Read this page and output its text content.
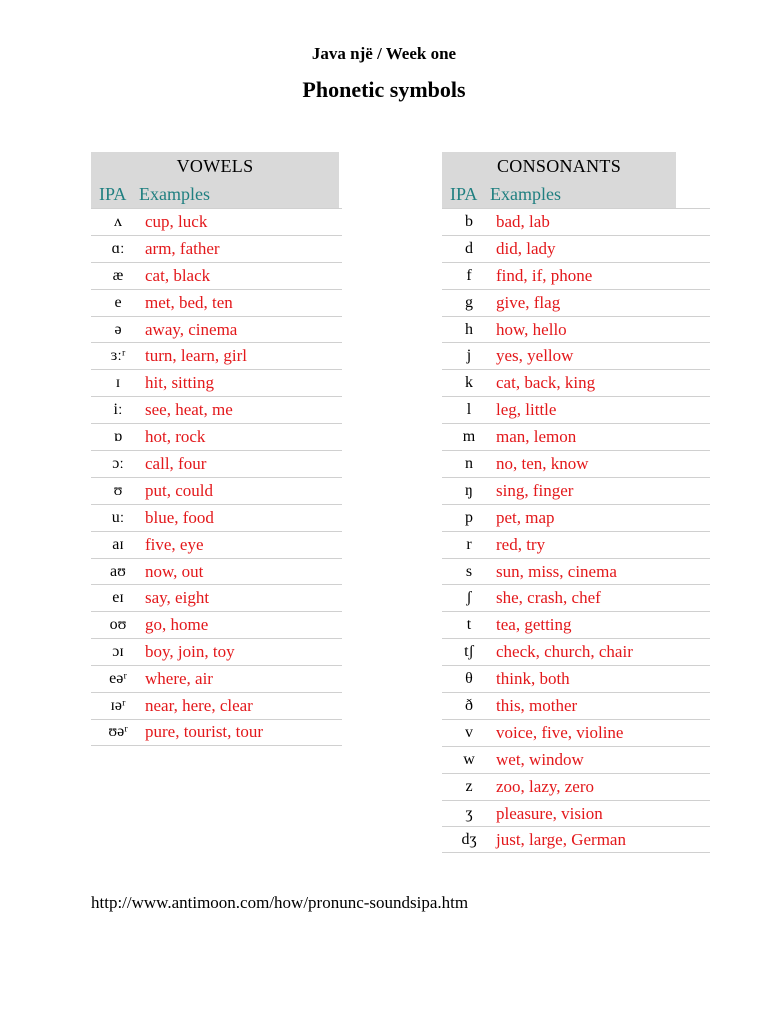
Java një / Week one
Phonetic symbols
VOWELS
IPA Examples
ʌ	cup, luck
ɑː	arm, father
æ	cat, black
e	met, bed, ten
ə	away, cinema
ɜːʳ	turn, learn, girl
ɪ	hit, sitting
iː	see, heat, me
ɒ	hot, rock
ɔː	call, four
ʊ	put, could
uː	blue, food
aɪ	five, eye
aʊ	now, out
eɪ	say, eight
oʊ	go, home
ɔɪ	boy, join, toy
eəʳ	where, air
ɪəʳ	near, here, clear
ʊəʳ	pure, tourist, tour
CONSONANTS
IPA Examples
b	bad, lab
d	did, lady
f	find, if, phone
g	give, flag
h	how, hello
j	yes, yellow
k	cat, back, king
l	leg, little
m	man, lemon
n	no, ten, know
ŋ	sing, finger
p	pet, map
r	red, try
s	sun, miss, cinema
ʃ	she, crash, chef
t	tea, getting
tʃ	check, church, chair
θ	think, both
ð	this, mother
v	voice, five, violine
w	wet, window
z	zoo, lazy, zero
ʒ	pleasure, vision
dʒ	just, large, German
http://www.antimoon.com/how/pronunc-soundsipa.htm
